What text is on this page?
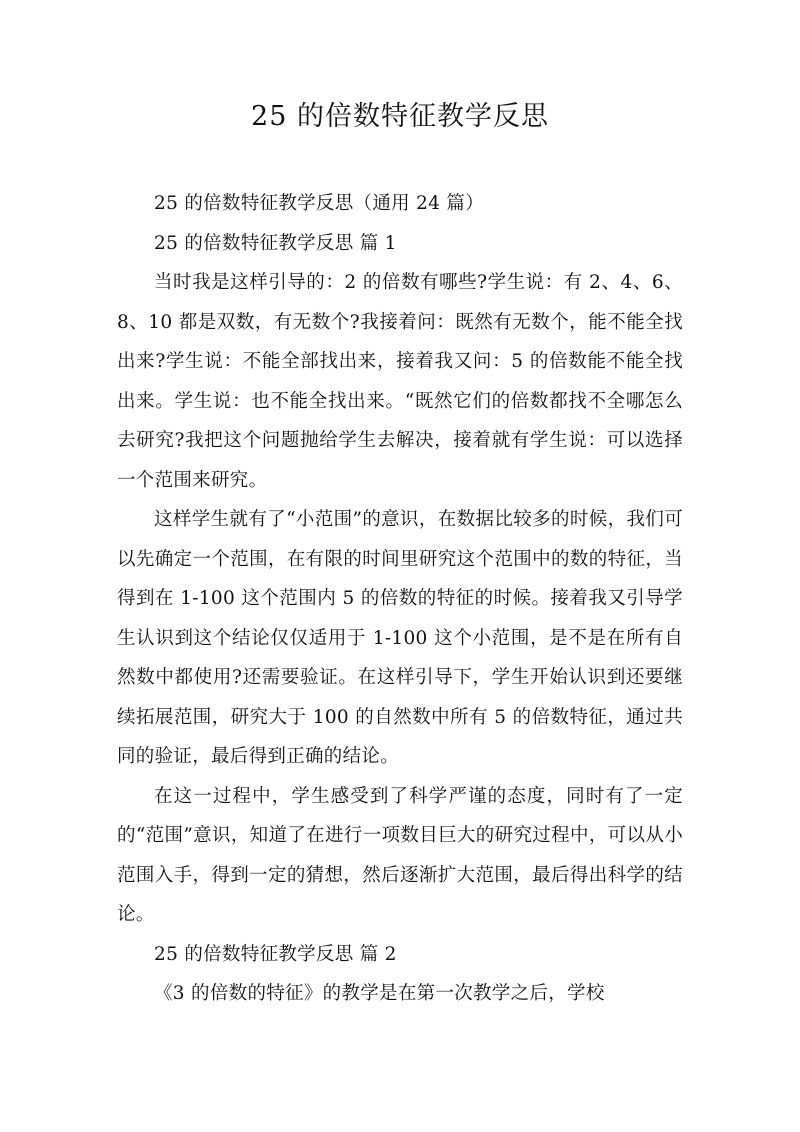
25 的倍数特征教学反思

25 的倍数特征教学反思（通用 24 篇）

25 的倍数特征教学反思 篇 1

当时我是这样引导的：2 的倍数有哪些?学生说：有 2、4、6、8、10 都是双数，有无数个?我接着问：既然有无数个，能不能全找出来?学生说：不能全部找出来，接着我又问：5 的倍数能不能全找出来。学生说：也不能全找出来。“既然它们的倍数都找不全哪怎么去研究?我把这个问题抛给学生去解决，接着就有学生说：可以选择一个范围来研究。

这样学生就有了“小范围”的意识，在数据比较多的时候，我们可以先确定一个范围，在有限的时间里研究这个范围中的数的特征，当得到在 1-100 这个范围内 5 的倍数的特征的时候。接着我又引导学生认识到这个结论仅仅适用于 1-100 这个小范围，是不是在所有自然数中都使用?还需要验证。在这样引导下，学生开始认识到还要继续拓展范围，研究大于 100 的自然数中所有 5 的倍数特征，通过共同的验证，最后得到正确的结论。

在这一过程中，学生感受到了科学严谨的态度，同时有了一定的“范围”意识，知道了在进行一项数目巨大的研究过程中，可以从小范围入手，得到一定的猜想，然后逐渐扩大范围，最后得出科学的结论。

25 的倍数特征教学反思 篇 2

《3 的倍数的特征》的教学是在第一次教学之后，学校
